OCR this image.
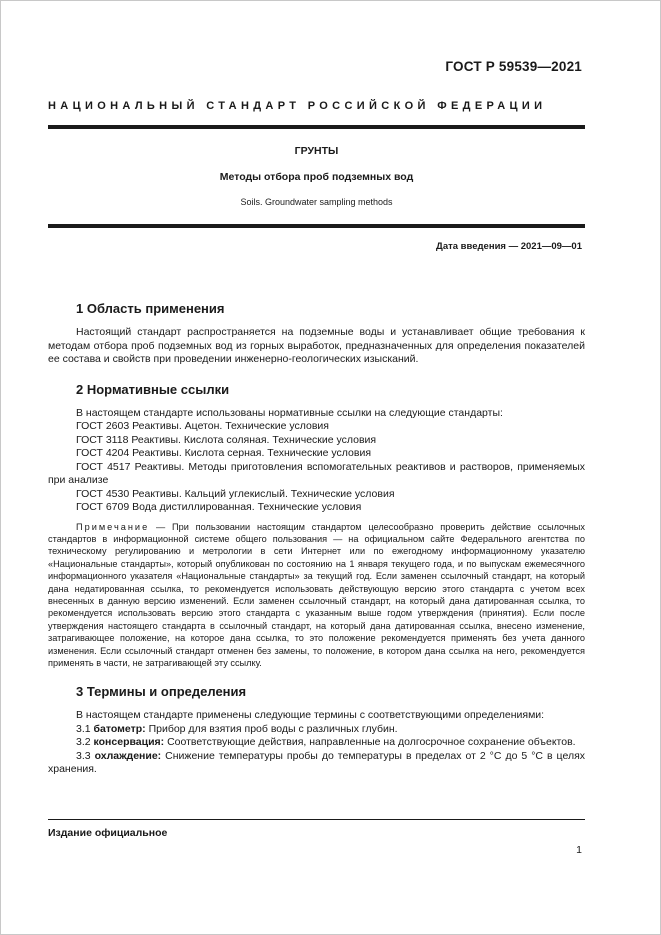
ГОСТ Р 59539—2021
НАЦИОНАЛЬНЫЙ СТАНДАРТ РОССИЙСКОЙ ФЕДЕРАЦИИ
ГРУНТЫ
Методы отбора проб подземных вод
Soils. Groundwater sampling methods
Дата введения — 2021—09—01
1 Область применения

Настоящий стандарт распространяется на подземные воды и устанавливает общие требования к методам отбора проб подземных вод из горных выработок, предназначенных для определения показателей ее состава и свойств при проведении инженерно-геологических изысканий.

2 Нормативные ссылки

В настоящем стандарте использованы нормативные ссылки на следующие стандарты:

ГОСТ 2603 Реактивы. Ацетон. Технические условия

ГОСТ 3118 Реактивы. Кислота соляная. Технические условия

ГОСТ 4204 Реактивы. Кислота серная. Технические условия

ГОСТ 4517 Реактивы. Методы приготовления вспомогательных реактивов и растворов, применяемых при анализе

ГОСТ 4530 Реактивы. Кальций углекислый. Технические условия

ГОСТ 6709 Вода дистиллированная. Технические условия

Примечание — При пользовании настоящим стандартом целесообразно проверить действие ссылочных стандартов в информационной системе общего пользования — на официальном сайте Федерального агентства по техническому регулированию и метрологии в сети Интернет или по ежегодному информационному указателю «Национальные стандарты», который опубликован по состоянию на 1 января текущего года, и по выпускам ежемесячного информационного указателя «Национальные стандарты» за текущий год. Если заменен ссылочный стандарт, на который дана недатированная ссылка, то рекомендуется использовать действующую версию этого стандарта с учетом всех внесенных в данную версию изменений. Если заменен ссылочный стандарт, на который дана датированная ссылка, то рекомендуется использовать версию этого стандарта с указанным выше годом утверждения (принятия). Если после утверждения настоящего стандарта в ссылочный стандарт, на который дана датированная ссылка, внесено изменение, затрагивающее положение, на которое дана ссылка, то это положение рекомендуется применять без учета данного изменения. Если ссылочный стандарт отменен без замены, то положение, в котором дана ссылка на него, рекомендуется применять в части, не затрагивающей эту ссылку.

3 Термины и определения

В настоящем стандарте применены следующие термины с соответствующими определениями:

3.1 батометр: Прибор для взятия проб воды с различных глубин.

3.2 консервация: Соответствующие действия, направленные на долгосрочное сохранение объектов.

3.3 охлаждение: Снижение температуры пробы до температуры в пределах от 2 °C до 5 °C в целях хранения.

Издание официальное
1
